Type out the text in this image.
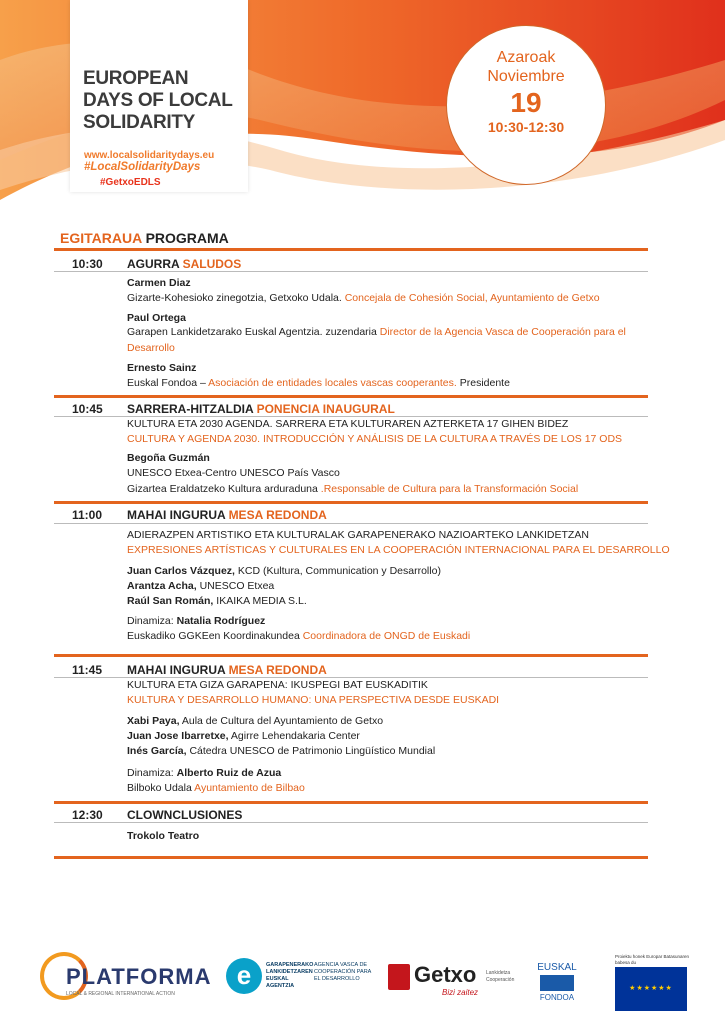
EUROPEAN
DAYS OF LOCAL
SOLIDARITY
www.localsolidaritydays.eu
#LocalSolidarityDays
#GetxoEDLS
Azaroak
Noviembre
19
10:30-12:30
EGITARAUA PROGRAMA
10:30 AGURRA SALUDOS
Carmen Diaz
Gizarte-Kohesioko zinegotzia, Getxoko Udala. Concejala de Cohesión Social, Ayuntamiento de Getxo
Paul Ortega
Garapen Lankidetzarako Euskal Agentzia. zuzendaria Director de la Agencia Vasca de Cooperación para el Desarrollo
Ernesto Sainz
Euskal Fondoa – Asociación de entidades locales vascas cooperantes. Presidente
10:45 SARRERA-HITZALDIA PONENCIA INAUGURAL
KULTURA ETA 2030 AGENDA. SARRERA ETA KULTURAREN AZTERKETA 17 GIHEN BIDEZ
CULTURA Y AGENDA 2030. INTRODUCCIÓN Y ANÁLISIS DE LA CULTURA A TRAVÉS DE LOS 17 ODS
Begoña Guzmán
UNESCO Etxea-Centro UNESCO País Vasco
Gizartea Eraldatzeko Kultura arduraduna .Responsable de Cultura para la Transformación Social
11:00 MAHAI INGURUA MESA REDONDA
ADIERAZPEN ARTISTIKO ETA KULTURALAK GARAPENERAKO NAZIOARTEKO LANKIDETZAN
EXPRESIONES ARTÍSTICAS Y CULTURALES EN LA COOPERACIÓN INTERNACIONAL PARA EL DESARROLLO
Juan Carlos Vázquez, KCD (Kultura, Communication y Desarrollo)
Arantza Acha, UNESCO Etxea
Raúl San Román, IKAIKA MEDIA S.L.
Dinamiza: Natalia Rodríguez
Euskadiko GGKEen Koordinakundea Coordinadora de ONGD de Euskadi
11:45 MAHAI INGURUA MESA REDONDA
KULTURA ETA GIZA GARAPENA: IKUSPEGI BAT EUSKADITIK
KULTURA Y DESARROLLO HUMANO: UNA PERSPECTIVA DESDE EUSKADI
Xabi Paya, Aula de Cultura del Ayuntamiento de Getxo
Juan Jose Ibarretxe, Agirre Lehendakaria Center
Inés García, Cátedra UNESCO de Patrimonio Lingüístico Mundial
Dinamiza: Alberto Ruiz de Azua
Bilboko Udala Ayuntamiento de Bilbao
12:30 CLOWNCLUSIONES
Trokolo Teatro
PLATFORMA
LOCAL & REGIONAL INTERNATIONAL ACTION
e	GARAPENERAKO LANKIDETZAREN EUSKAL AGENTZIA
AGENCIA VASCA DE COOPERACIÓN PARA EL DESARROLLO	Getxo
Bizi zaitez
Lankidetza Cooperación
EUSKAL
FONDOA
Proiektu honek Europar Batasunaren babesa du
★★★★★★
